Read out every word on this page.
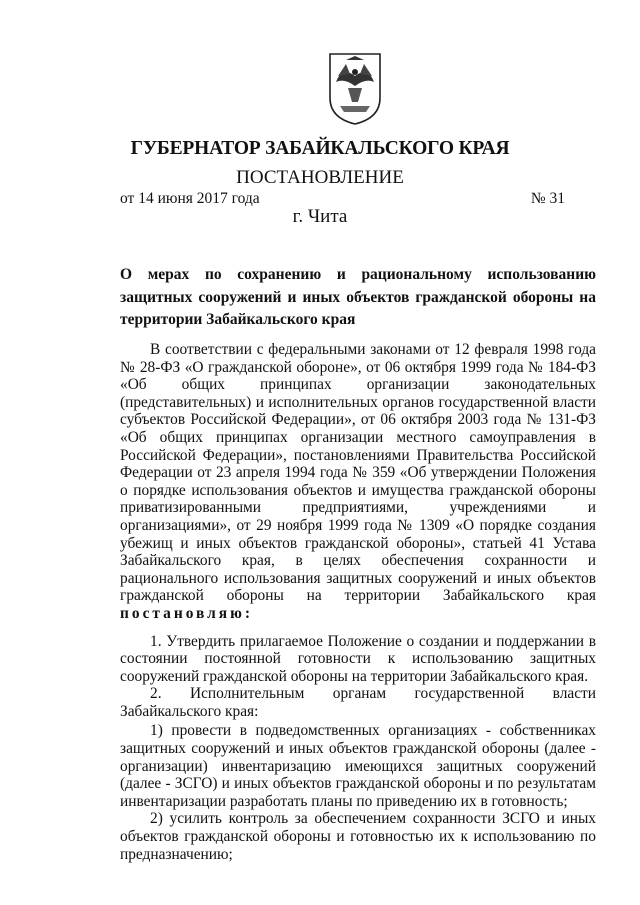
ГУБЕРНАТОР ЗАБАЙКАЛЬСКОГО КРАЯ
ПОСТАНОВЛЕНИЕ
от 14 июня 2017 года	№ 31
г. Чита

О мерах по сохранению и рациональному использованию защитных сооружений и иных объектов гражданской обороны на территории Забайкальского края

В соответствии с федеральными законами от 12 февраля 1998 года № 28-ФЗ «О гражданской обороне», от 06 октября 1999 года № 184-ФЗ «Об общих принципах организации законодательных (представительных) и исполнительных органов государственной власти субъектов Российской Федерации», от 06 октября 2003 года № 131-ФЗ «Об общих принципах организации местного самоуправления в Российской Федерации», постановлениями Правительства Российской Федерации от 23 апреля 1994 года № 359 «Об утверждении Положения о порядке использования объектов и имущества гражданской обороны приватизированными предприятиями, учреждениями и организациями», от 29 ноября 1999 года № 1309 «О порядке создания убежищ и иных объектов гражданской обороны», статьей 41 Устава Забайкальского края, в целях обеспечения сохранности и рационального использования защитных сооружений и иных объектов гражданской обороны на территории Забайкальского края постановляю:

1. Утвердить прилагаемое Положение о создании и поддержании в состоянии постоянной готовности к использованию защитных сооружений гражданской обороны на территории Забайкальского края.

2. Исполнительным органам государственной власти Забайкальского края:

1) провести в подведомственных организациях - собственниках защитных сооружений и иных объектов гражданской обороны (далее - организации) инвентаризацию имеющихся защитных сооружений (далее - ЗСГО) и иных объектов гражданской обороны и по результатам инвентаризации разработать планы по приведению их в готовность;

2) усилить контроль за обеспечением сохранности ЗСГО и иных объектов гражданской обороны и готовностью их к использованию по предназначению;
